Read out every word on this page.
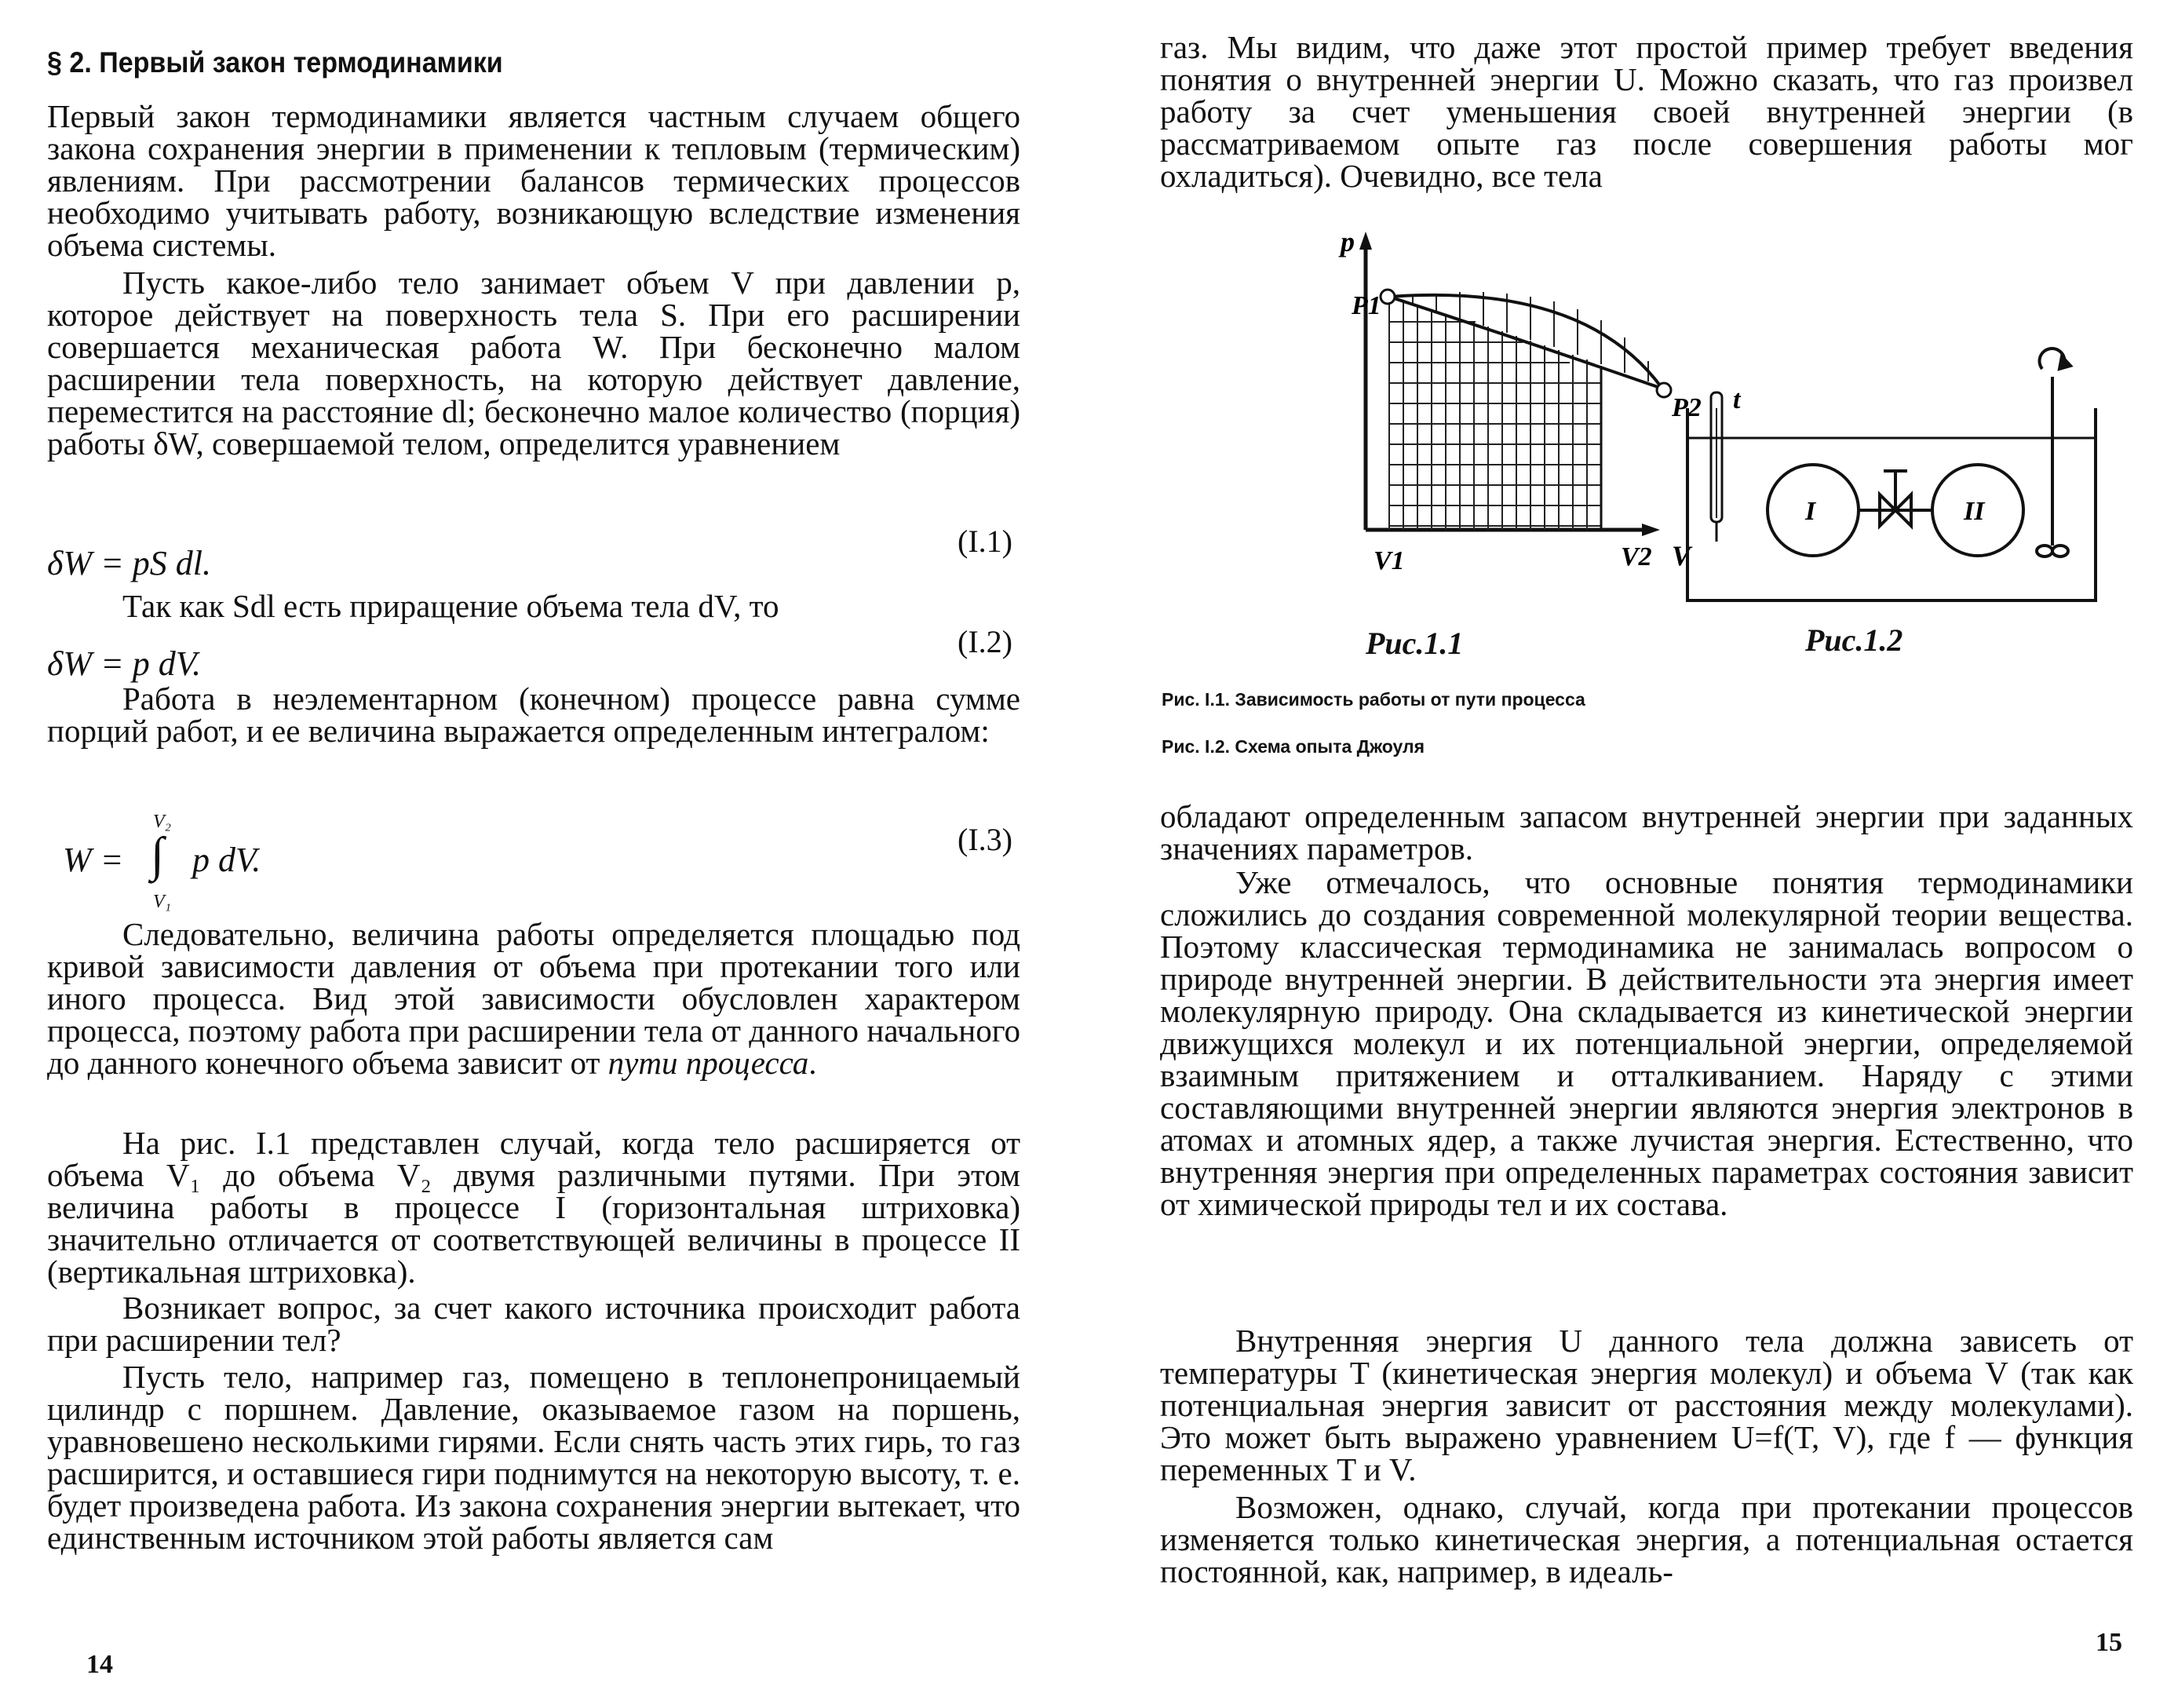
§ 2. Первый закон термодинамики

Первый закон термодинамики является частным случаем общего закона сохранения энергии в применении к тепловым (термическим) явлениям. При рассмотрении балансов термических процессов необходимо учитывать работу, возникающую вследствие изменения объема системы.

Пусть какое-либо тело занимает объем V при давлении p, которое действует на поверхность тела S. При его расширении совершается механическая работа W. При бесконечно малом расширении тела поверхность, на которую действует давление, переместится на расстояние dl; бесконечно малое количество (порция) работы δW, совершаемой телом, определится уравнением

δW = pS dl.
(I.1)

Так как Sdl есть приращение объема тела dV, то

δW = p dV.
(I.2)

Работа в неэлементарном (конечном) процессе равна сумме порций работ, и ее величина выражается определенным интегралом:

W =
V₂
∫
V₁
p dV.
(I.3)

Следовательно, величина работы определяется площадью под кривой зависимости давления от объема при протекании того или иного процесса. Вид этой зависимости обусловлен характером процесса, поэтому работа при расширении тела от данного начального до данного конечного объема зависит от пути процесса.

На рис. I.1 представлен случай, когда тело расширяется от объема V₁ до объема V₂ двумя различными путями. При этом величина работы в процессе I (горизонтальная штриховка) значительно отличается от соответствующей величины в процессе II (вертикальная штриховка).

Возникает вопрос, за счет какого источника происходит работа при расширении тел?

Пусть тело, например газ, помещено в теплонепроницаемый цилиндр с поршнем. Давление, оказываемое газом на поршень, уравновешено несколькими гирями. Если снять часть этих гирь, то газ расширится, и оставшиеся гири поднимутся на некоторую высоту, т. е. будет произведена работа. Из закона сохранения энергии вытекает, что единственным источником этой работы является сам

14

газ. Мы видим, что даже этот простой пример требует введения понятия о внутренней энергии U. Можно сказать, что газ произвел работу за счет уменьшения своей внутренней энергии (в рассматриваемом опыте газ после совершения работы мог охладиться). Очевидно, все тела

p
V
P1
P2
V1	V2
t
I	II
Рис.1.1	Рис.1.2
Рис. I.1. Зависимость работы от пути процесса
Рис. I.2. Схема опыта Джоуля

обладают определенным запасом внутренней энергии при заданных значениях параметров.

Уже отмечалось, что основные понятия термодинамики сложились до создания современной молекулярной теории вещества. Поэтому классическая термодинамика не занималась вопросом о природе внутренней энергии. В действительности эта энергия имеет молекулярную природу. Она складывается из кинетической энергии движущихся молекул и их потенциальной энергии, определяемой взаимным притяжением и отталкиванием. Наряду с этими составляющими внутренней энергии являются энергия электронов в атомах и атомных ядер, а также лучистая энергия. Естественно, что внутренняя энергия при определенных параметрах состояния зависит от химической природы тел и их состава.

Внутренняя энергия U данного тела должна зависеть от температуры T (кинетическая энергия молекул) и объема V (так как потенциальная энергия зависит от расстояния между молекулами). Это может быть выражено уравнением U=f(T, V), где f — функция переменных T и V.

Возможен, однако, случай, когда при протекании процессов изменяется только кинетическая энергия, а потенциальная остается постоянной, как, например, в идеаль-

15
